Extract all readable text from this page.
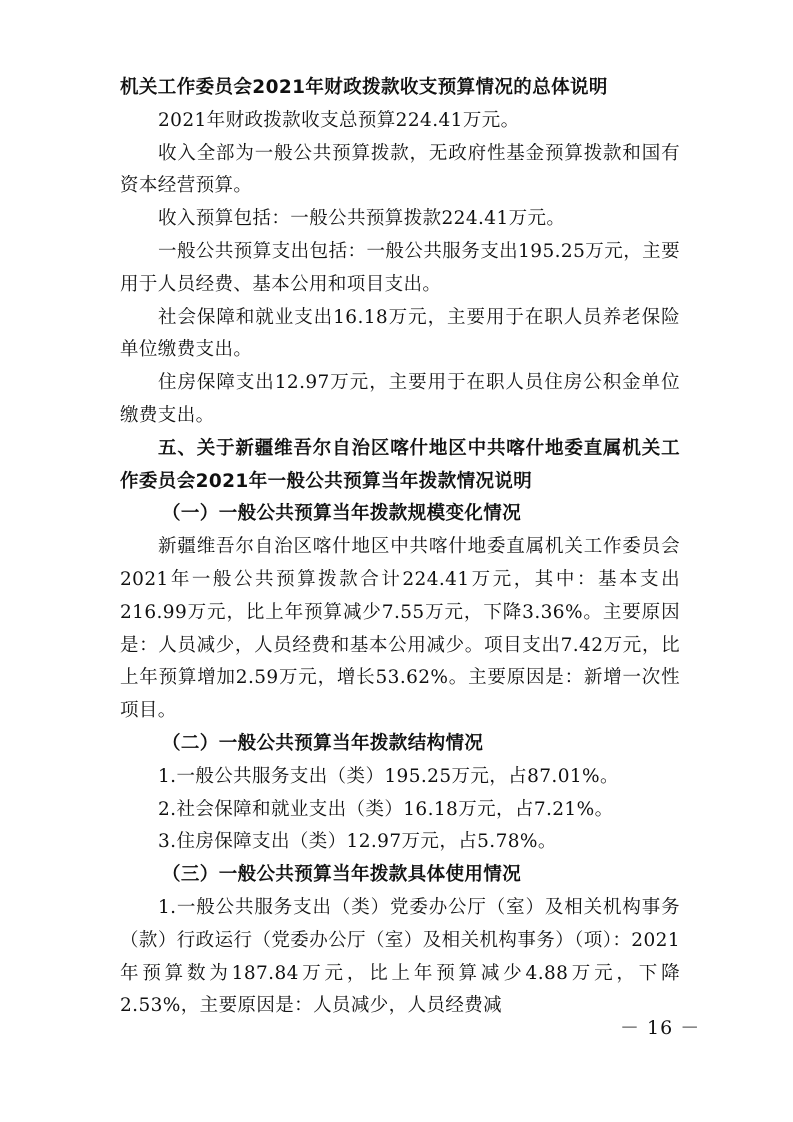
机关工作委员会2021年财政拨款收支预算情况的总体说明

2021年财政拨款收支总预算224.41万元。

收入全部为一般公共预算拨款，无政府性基金预算拨款和国有资本经营预算。

收入预算包括：一般公共预算拨款224.41万元。

一般公共预算支出包括：一般公共服务支出195.25万元，主要用于人员经费、基本公用和项目支出。

社会保障和就业支出16.18万元，主要用于在职人员养老保险单位缴费支出。

住房保障支出12.97万元，主要用于在职人员住房公积金单位缴费支出。

五、关于新疆维吾尔自治区喀什地区中共喀什地委直属机关工作委员会2021年一般公共预算当年拨款情况说明

（一）一般公共预算当年拨款规模变化情况

新疆维吾尔自治区喀什地区中共喀什地委直属机关工作委员会2021年一般公共预算拨款合计224.41万元，其中：基本支出216.99万元，比上年预算减少7.55万元，下降3.36%。主要原因是：人员减少，人员经费和基本公用减少。项目支出7.42万元，比上年预算增加2.59万元，增长53.62%。主要原因是：新增一次性项目。

（二）一般公共预算当年拨款结构情况

1.一般公共服务支出（类）195.25万元，占87.01%。

2.社会保障和就业支出（类）16.18万元，占7.21%。

3.住房保障支出（类）12.97万元，占5.78%。

（三）一般公共预算当年拨款具体使用情况

1.一般公共服务支出（类）党委办公厅（室）及相关机构事务（款）行政运行（党委办公厅（室）及相关机构事务）（项）：2021年预算数为187.84万元，比上年预算减少4.88万元，下降2.53%，主要原因是：人员减少，人员经费减

－ 16 －
